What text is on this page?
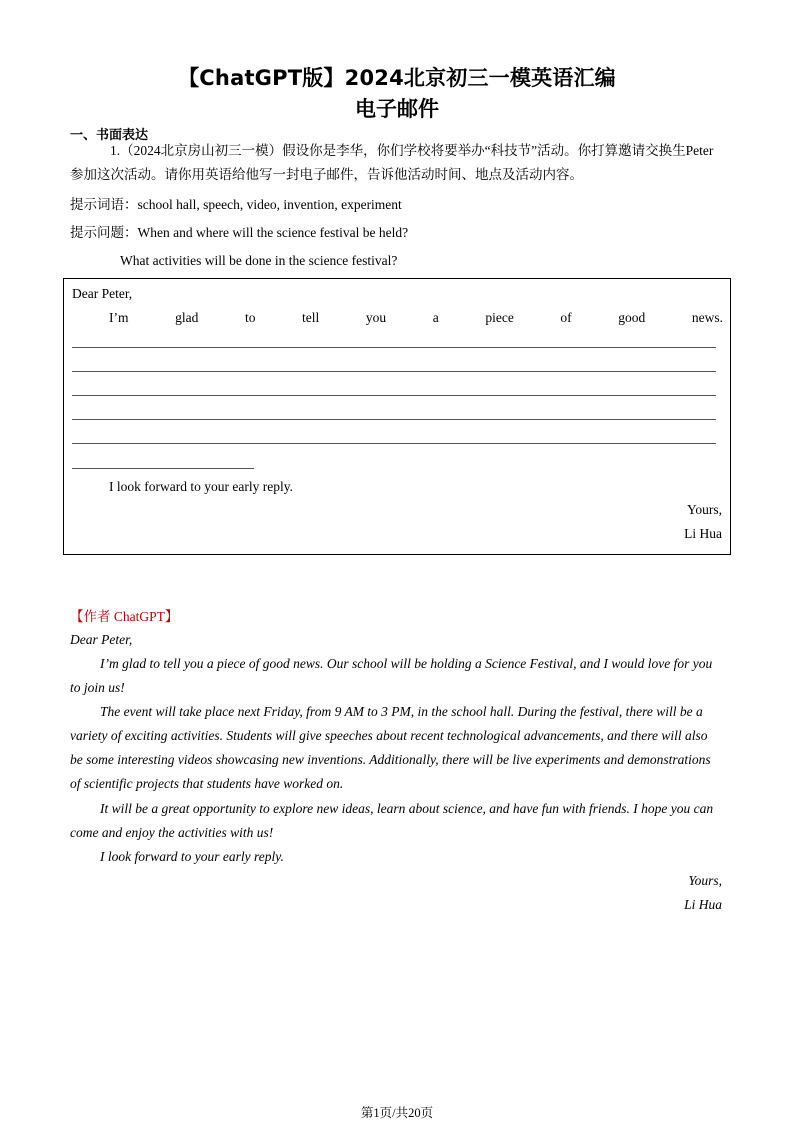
【ChatGPT版】2024北京初三一模英语汇编
电子邮件
一、书面表达
1.（2024北京房山初三一模）假设你是李华，你们学校将要举办“科技节”活动。你打算邀请交换生Peter参加这次活动。请你用英语给他写一封电子邮件，告诉他活动时间、地点及活动内容。
提示词语：school hall, speech, video, invention, experiment
提示问题：When and where will the science festival be held?
What activities will be done in the science festival?
Dear Peter,
I’m	glad	to	tell	you	a	piece	of	good	news.
I look forward to your early reply.
Yours,
Li Hua
【作者 ChatGPT】
Dear Peter,
I’m glad to tell you a piece of good news. Our school will be holding a Science Festival, and I would love for you to join us!
The event will take place next Friday, from 9 AM to 3 PM, in the school hall. During the festival, there will be a variety of exciting activities. Students will give speeches about recent technological advancements, and there will also be some interesting videos showcasing new inventions. Additionally, there will be live experiments and demonstrations of scientific projects that students have worked on.
It will be a great opportunity to explore new ideas, learn about science, and have fun with friends. I hope you can come and enjoy the activities with us!
I look forward to your early reply.
Yours,
Li Hua
第1页/共20页
